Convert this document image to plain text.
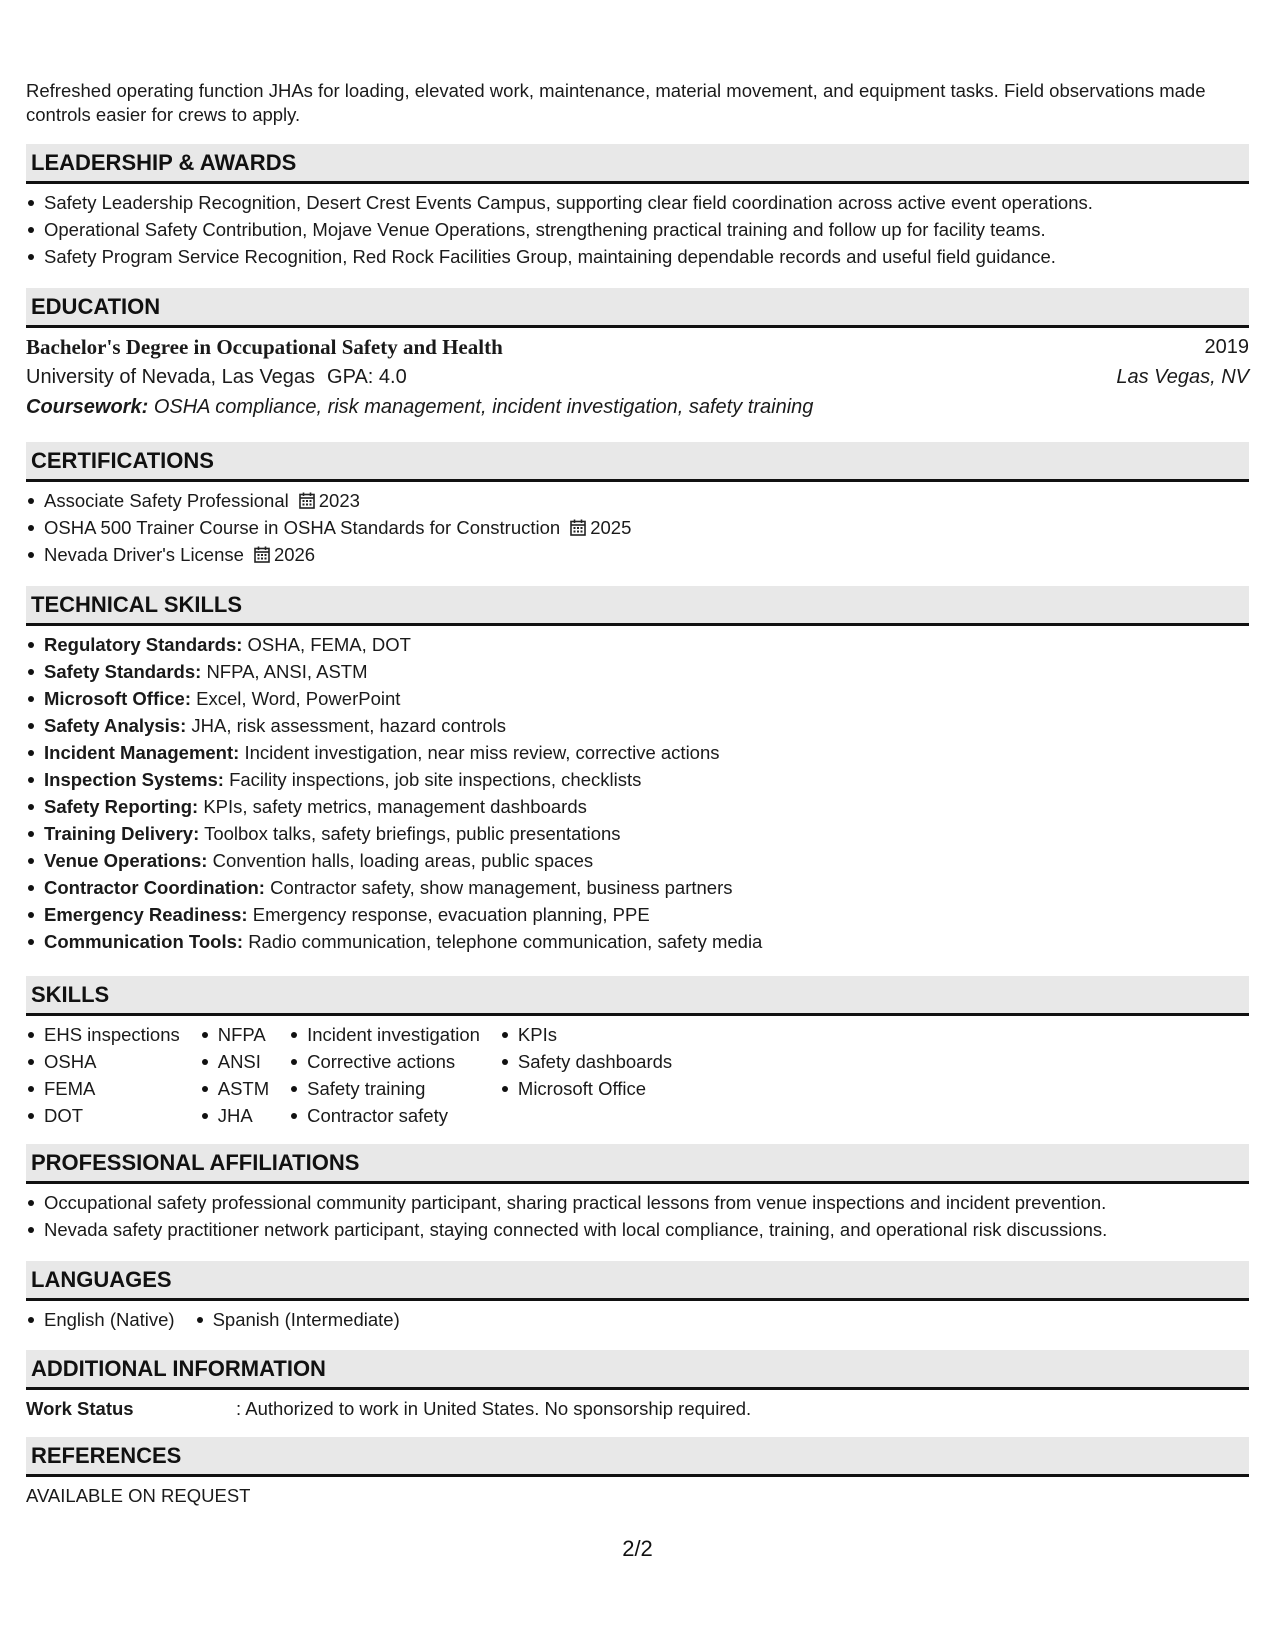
Refreshed operating function JHAs for loading, elevated work, maintenance, material movement, and equipment tasks. Field observations made controls easier for crews to apply.
LEADERSHIP & AWARDS
Safety Leadership Recognition, Desert Crest Events Campus, supporting clear field coordination across active event operations.
Operational Safety Contribution, Mojave Venue Operations, strengthening practical training and follow up for facility teams.
Safety Program Service Recognition, Red Rock Facilities Group, maintaining dependable records and useful field guidance.
EDUCATION
Bachelor's Degree in Occupational Safety and Health	2019
University of Nevada, Las Vegas GPA: 4.0	Las Vegas, NV
Coursework: OSHA compliance, risk management, incident investigation, safety training
CERTIFICATIONS
Associate Safety Professional 2023
OSHA 500 Trainer Course in OSHA Standards for Construction 2025
Nevada Driver's License 2026
TECHNICAL SKILLS
Regulatory Standards: OSHA, FEMA, DOT
Safety Standards: NFPA, ANSI, ASTM
Microsoft Office: Excel, Word, PowerPoint
Safety Analysis: JHA, risk assessment, hazard controls
Incident Management: Incident investigation, near miss review, corrective actions
Inspection Systems: Facility inspections, job site inspections, checklists
Safety Reporting: KPIs, safety metrics, management dashboards
Training Delivery: Toolbox talks, safety briefings, public presentations
Venue Operations: Convention halls, loading areas, public spaces
Contractor Coordination: Contractor safety, show management, business partners
Emergency Readiness: Emergency response, evacuation planning, PPE
Communication Tools: Radio communication, telephone communication, safety media
SKILLS
EHS inspections
OSHA
FEMA
DOT
NFPA
ANSI
ASTM
JHA
Incident investigation
Corrective actions
Safety training
Contractor safety
KPIs
Safety dashboards
Microsoft Office
PROFESSIONAL AFFILIATIONS
Occupational safety professional community participant, sharing practical lessons from venue inspections and incident prevention.
Nevada safety practitioner network participant, staying connected with local compliance, training, and operational risk discussions.
LANGUAGES
English (Native)	Spanish (Intermediate)
ADDITIONAL INFORMATION
Work Status	: Authorized to work in United States. No sponsorship required.
REFERENCES
AVAILABLE ON REQUEST
2/2
